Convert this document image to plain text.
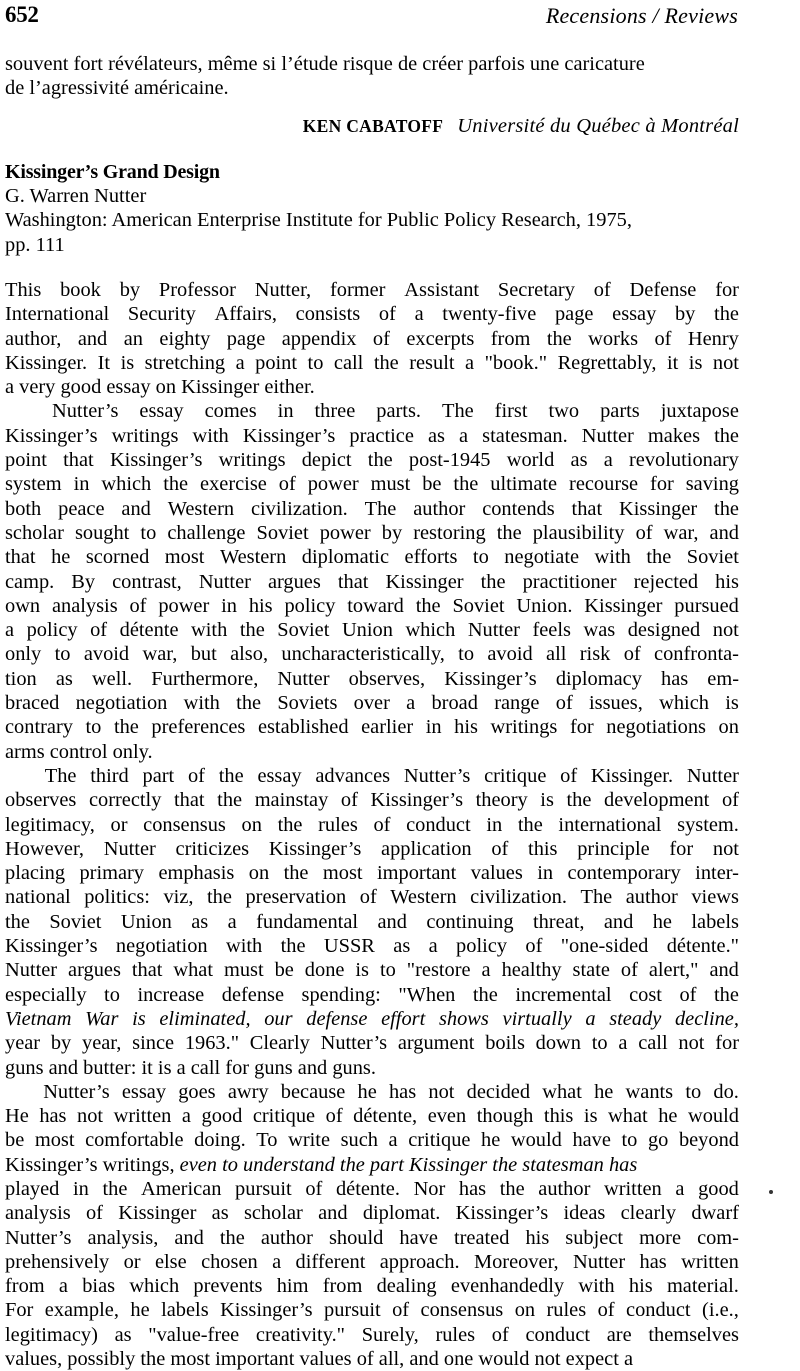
652	Recensions / Reviews
souvent fort révélateurs, même si l’étude risque de créer parfois une caricature
de l’agressivité américaine.
KEN CABATOFF Université du Québec à Montréal
Kissinger’s Grand Design
G. Warren Nutter
Washington: American Enterprise Institute for Public Policy Research, 1975,
pp. 111
This book by Professor Nutter, former Assistant Secretary of Defense for
International Security Affairs, consists of a twenty-five page essay by the
author, and an eighty page appendix of excerpts from the works of Henry
Kissinger. It is stretching a point to call the result a "book." Regrettably, it is not
a very good essay on Kissinger either.
Nutter’s essay comes in three parts. The first two parts juxtapose
Kissinger’s writings with Kissinger’s practice as a statesman. Nutter makes the
point that Kissinger’s writings depict the post-1945 world as a revolutionary
system in which the exercise of power must be the ultimate recourse for saving
both peace and Western civilization. The author contends that Kissinger the
scholar sought to challenge Soviet power by restoring the plausibility of war, and
that he scorned most Western diplomatic efforts to negotiate with the Soviet
camp. By contrast, Nutter argues that Kissinger the practitioner rejected his
own analysis of power in his policy toward the Soviet Union. Kissinger pursued
a policy of détente with the Soviet Union which Nutter feels was designed not
only to avoid war, but also, uncharacteristically, to avoid all risk of confronta-
tion as well. Furthermore, Nutter observes, Kissinger’s diplomacy has em-
braced negotiation with the Soviets over a broad range of issues, which is
contrary to the preferences established earlier in his writings for negotiations on
arms control only.
The third part of the essay advances Nutter’s critique of Kissinger. Nutter
observes correctly that the mainstay of Kissinger’s theory is the development of
legitimacy, or consensus on the rules of conduct in the international system.
However, Nutter criticizes Kissinger’s application of this principle for not
placing primary emphasis on the most important values in contemporary inter-
national politics: viz, the preservation of Western civilization. The author views
the Soviet Union as a fundamental and continuing threat, and he labels
Kissinger’s negotiation with the USSR as a policy of "one-sided détente."
Nutter argues that what must be done is to "restore a healthy state of alert," and
especially to increase defense spending: "When the incremental cost of the
Vietnam War is eliminated, our defense effort shows virtually a steady decline,
year by year, since 1963." Clearly Nutter’s argument boils down to a call not for
guns and butter: it is a call for guns and guns.
Nutter’s essay goes awry because he has not decided what he wants to do.
He has not written a good critique of détente, even though this is what he would
be most comfortable doing. To write such a critique he would have to go beyond
Kissinger’s writings, even to understand the part Kissinger the statesman has
played in the American pursuit of détente. Nor has the author written a good
analysis of Kissinger as scholar and diplomat. Kissinger’s ideas clearly dwarf
Nutter’s analysis, and the author should have treated his subject more com-
prehensively or else chosen a different approach. Moreover, Nutter has written
from a bias which prevents him from dealing evenhandedly with his material.
For example, he labels Kissinger’s pursuit of consensus on rules of conduct (i.e.,
legitimacy) as "value-free creativity." Surely, rules of conduct are themselves
values, possibly the most important values of all, and one would not expect a
